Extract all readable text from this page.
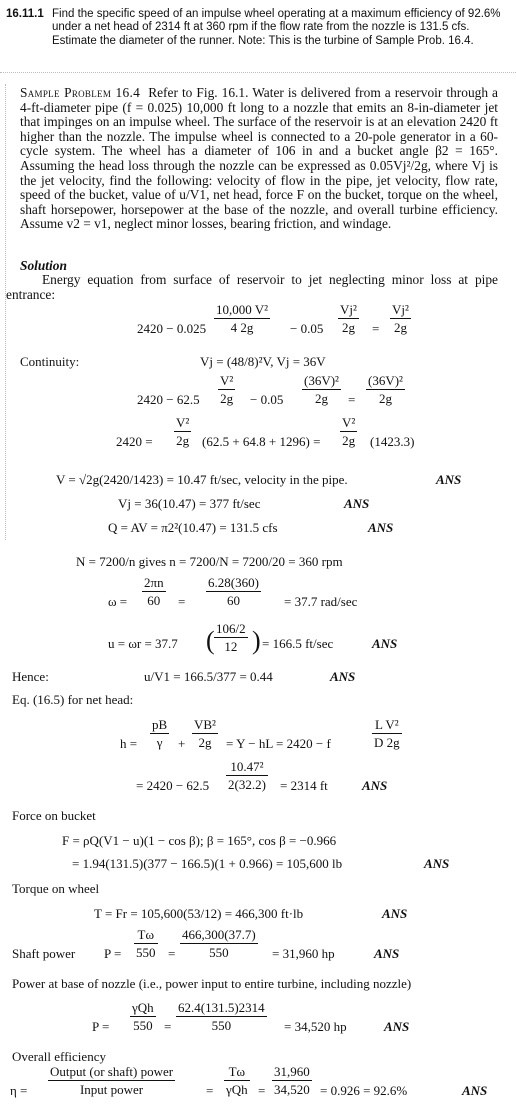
16.11.1 Find the specific speed of an impulse wheel operating at a maximum efficiency of 92.6% under a net head of 2314 ft at 360 rpm if the flow rate from the nozzle is 131.5 cfs. Estimate the diameter of the runner. Note: This is the turbine of Sample Prob. 16.4.
Sample Problem 16.4 Refer to Fig. 16.1. Water is delivered from a reservoir through a 4-ft-diameter pipe (f = 0.025) 10,000 ft long to a nozzle that emits an 8-in-diameter jet that impinges on an impulse wheel. The surface of the reservoir is at an elevation 2420 ft higher than the nozzle. The impulse wheel is connected to a 20-pole generator in a 60-cycle system. The wheel has a diameter of 106 in and a bucket angle β2 = 165°. Assuming the head loss through the nozzle can be expressed as 0.05Vj²/2g, where Vj is the jet velocity, find the following: velocity of flow in the pipe, jet velocity, flow rate, speed of the bucket, value of u/V1, net head, force F on the bucket, torque on the wheel, shaft horsepower, horsepower at the base of the nozzle, and overall turbine efficiency. Assume v2 = v1, neglect minor losses, bearing friction, and windage.
Solution
Energy equation from surface of reservoir to jet neglecting minor loss at pipe entrance:
$2420 - 0.025 \frac{\text{10,000 V²}}{4 2g} - 0.05 \frac{\text{Vj²}}{2g} = \frac{\text{Vj²}}{2g}$
Continuity:	Vj = (48/8)²V, Vj = 36V
$2420 - 62.5 \frac{\text{V²}}{2g} - 0.05 \frac{\text{(36V)²}}{2g} = \frac{\text{(36V)²}}{2g}$
$2420 = \frac{\text{V²}}{2g} (62.5 + 64.8 + 1296) = \frac{\text{V²}}{2g} (1423.3)$
V = √2g(2420/1423) = 10.47 ft/sec, velocity in the pipe.	ANS
Vj = 36(10.47) = 377 ft/sec	ANS
Q = AV = π2²(10.47) = 131.5 cfs	ANS
N = 7200/n gives n = 7200/N = 7200/20 = 360 rpm
$\omega = \frac{2\pi n}{60} = \frac{6.28(360)}{60} = 37.7$ rad/sec
u = ωr = 37.7 ( $\frac{106/2}{12}$ ) = 166.5 ft/sec	ANS
Hence:	u/V1 = 166.5/377 = 0.44	ANS
Eq. (16.5) for net head:
$h = \frac{pB}{\gamma} + \frac{\text{VB²}}{2g} = Y$ − hL = 2420 − f	$\frac{\text{L V²}}{D 2g}$
= $2420 - 62.5 \frac{\text{10.47²}}{2(32.2)} = 2314$ ft	ANS
Force on bucket
F = ρQ(V1 − u)(1 − cos β); β = 165°, cos β = −0.966
= 1.94(131.5)(377 − 166.5)(1 + 0.966) = 105,600 lb	ANS
Torque on wheel
T = Fr = 105,600(53/12) = 466,300 ft·lb	ANS
Shaft power $P = \frac{T\omega}{550} = \frac{466,300(37.7)}{550} = 31,960$ hp	ANS
Power at base of nozzle (i.e., power input to entire turbine, including nozzle)
P =
γQh
$550 = \frac{62.4(131.5)2314}{550} = 34,520$ hp	ANS
Overall efficiency
η =
Output (or shaft) power
Input power	=
Tω
$\gamma Qh = \frac{31,960}{34,520} = 0.926 = 92.6\%$	ANS
